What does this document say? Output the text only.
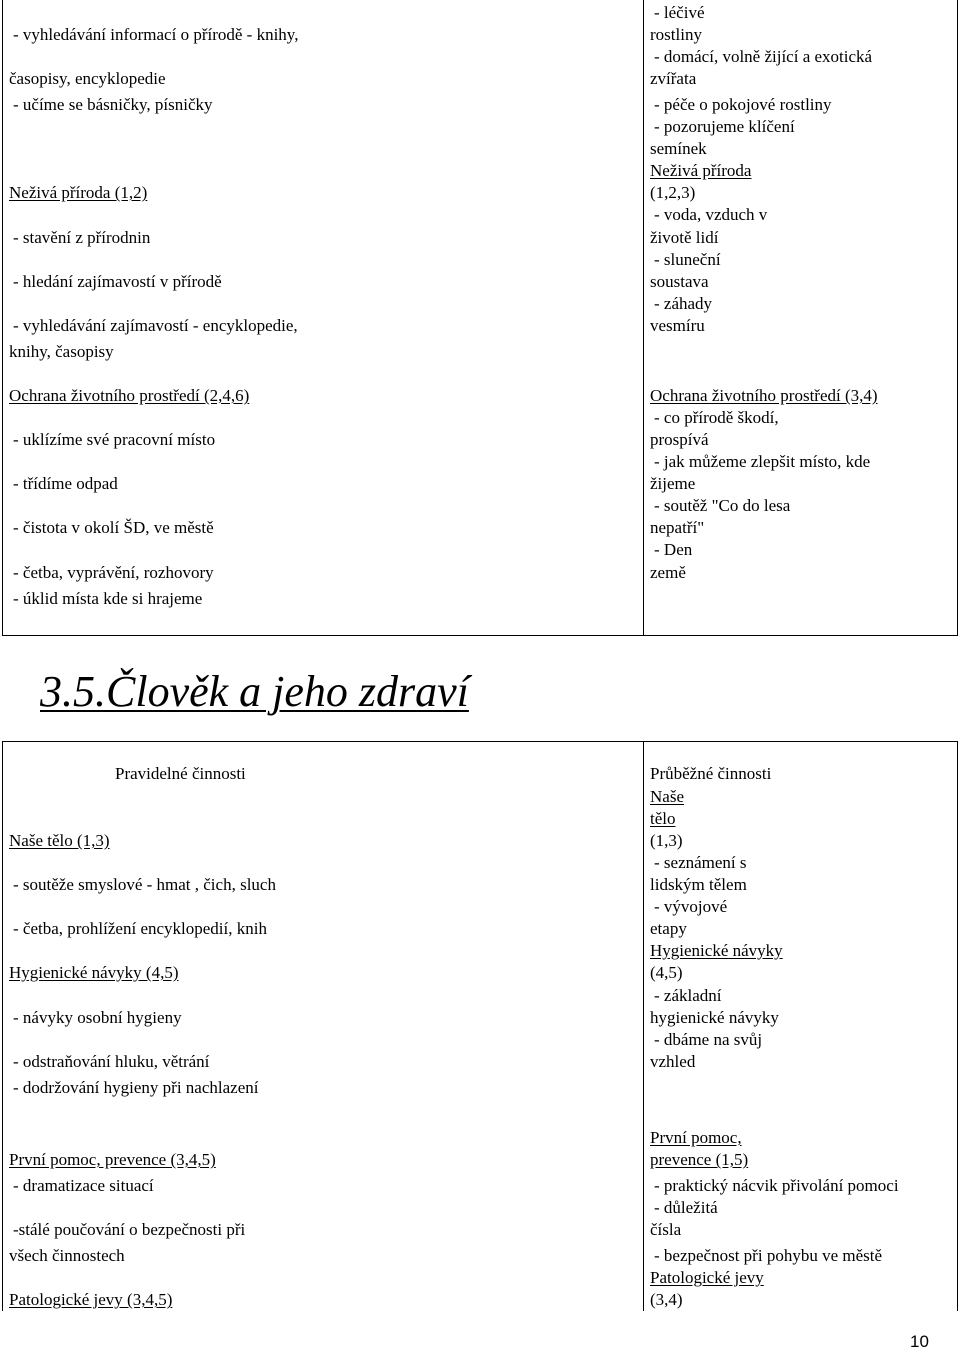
- vyhledávání informací o přírodě - knihy,
časopisy, encyklopedie
- učíme se básničky, písničky
Neživá příroda (1,2)
- stavění z přírodnin
- hledání zajímavostí v přírodě
- vyhledávání zajímavostí - encyklopedie,
knihy, časopisy
Ochrana životního prostředí (2,4,6)
- uklízíme své pracovní místo
- třídíme odpad
- čistota v okolí ŠD, ve městě
- četba, vyprávění, rozhovory
- úklid místa kde si hrajeme
- léčivé
rostliny
- domácí, volně žijící a exotická
zvířata
- péče o pokojové rostliny
- pozorujeme klíčení
semínek
Neživá příroda
(1,2,3)
- voda, vzduch v
životě lidí
- sluneční
soustava
- záhady
vesmíru
Ochrana životního prostředí (3,4)
- co přírodě škodí,
prospívá
- jak můžeme zlepšit místo, kde
žijeme
- soutěž "Co do lesa
nepatří"
- Den
země
3.5.Člověk a jeho zdraví
Pravidelné činnosti	Průběžné činnosti
Naše tělo (1,3)
- soutěže smyslové - hmat , čich, sluch
- četba, prohlížení encyklopedií, knih
Hygienické návyky (4,5)
- návyky osobní hygieny
- odstraňování hluku, větrání
- dodržování hygieny při nachlazení
První pomoc, prevence (3,4,5)
- dramatizace situací
-stálé poučování o bezpečnosti při
všech činnostech
Patologické jevy (3,4,5)
Naše
tělo
(1,3)
- seznámení s
lidským tělem
- vývojové
etapy
Hygienické návyky
(4,5)
- základní
hygienické návyky
- dbáme na svůj
vzhled
První pomoc,
prevence (1,5)
- praktický nácvik přivolání pomoci
- důležitá
čísla
- bezpečnost při pohybu ve městě
Patologické jevy
(3,4)
10
